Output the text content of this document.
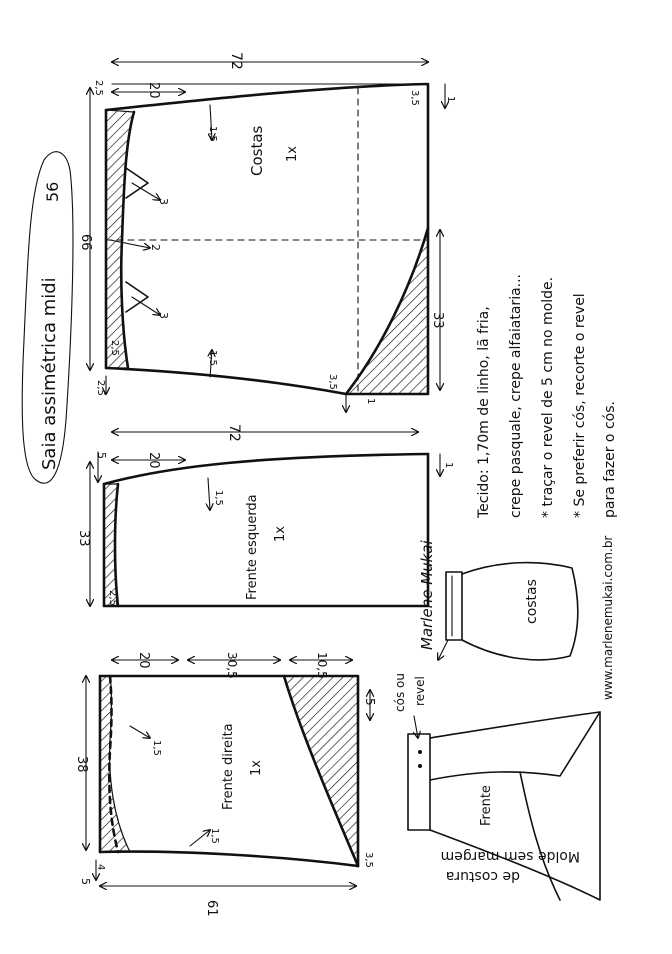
Saia assimétrica midi
56
72
20
2,5
3,5	1
1,5
3
2
3
66
2,5
2,5
1,5
3,5
1
33
Costas 1x
72
5	20	1
1,5
33
2,5	Frente esquerda 1x
20	30,5	10,5
5
38
1,5
1,5
5
4	3,5
61
Frente direita 1x
Marlene Mukai
Tecido: 1,70m de linho, lã fria, crepe pasquale, crepe alfaiataria... * traçar o revel de 5 cm no molde. * Se preferir cós, recorte o revel para fazer o cós.
costas
Frente
cós ou revel	www.marlenemukai.com.br
Molde sem margem
de costura
